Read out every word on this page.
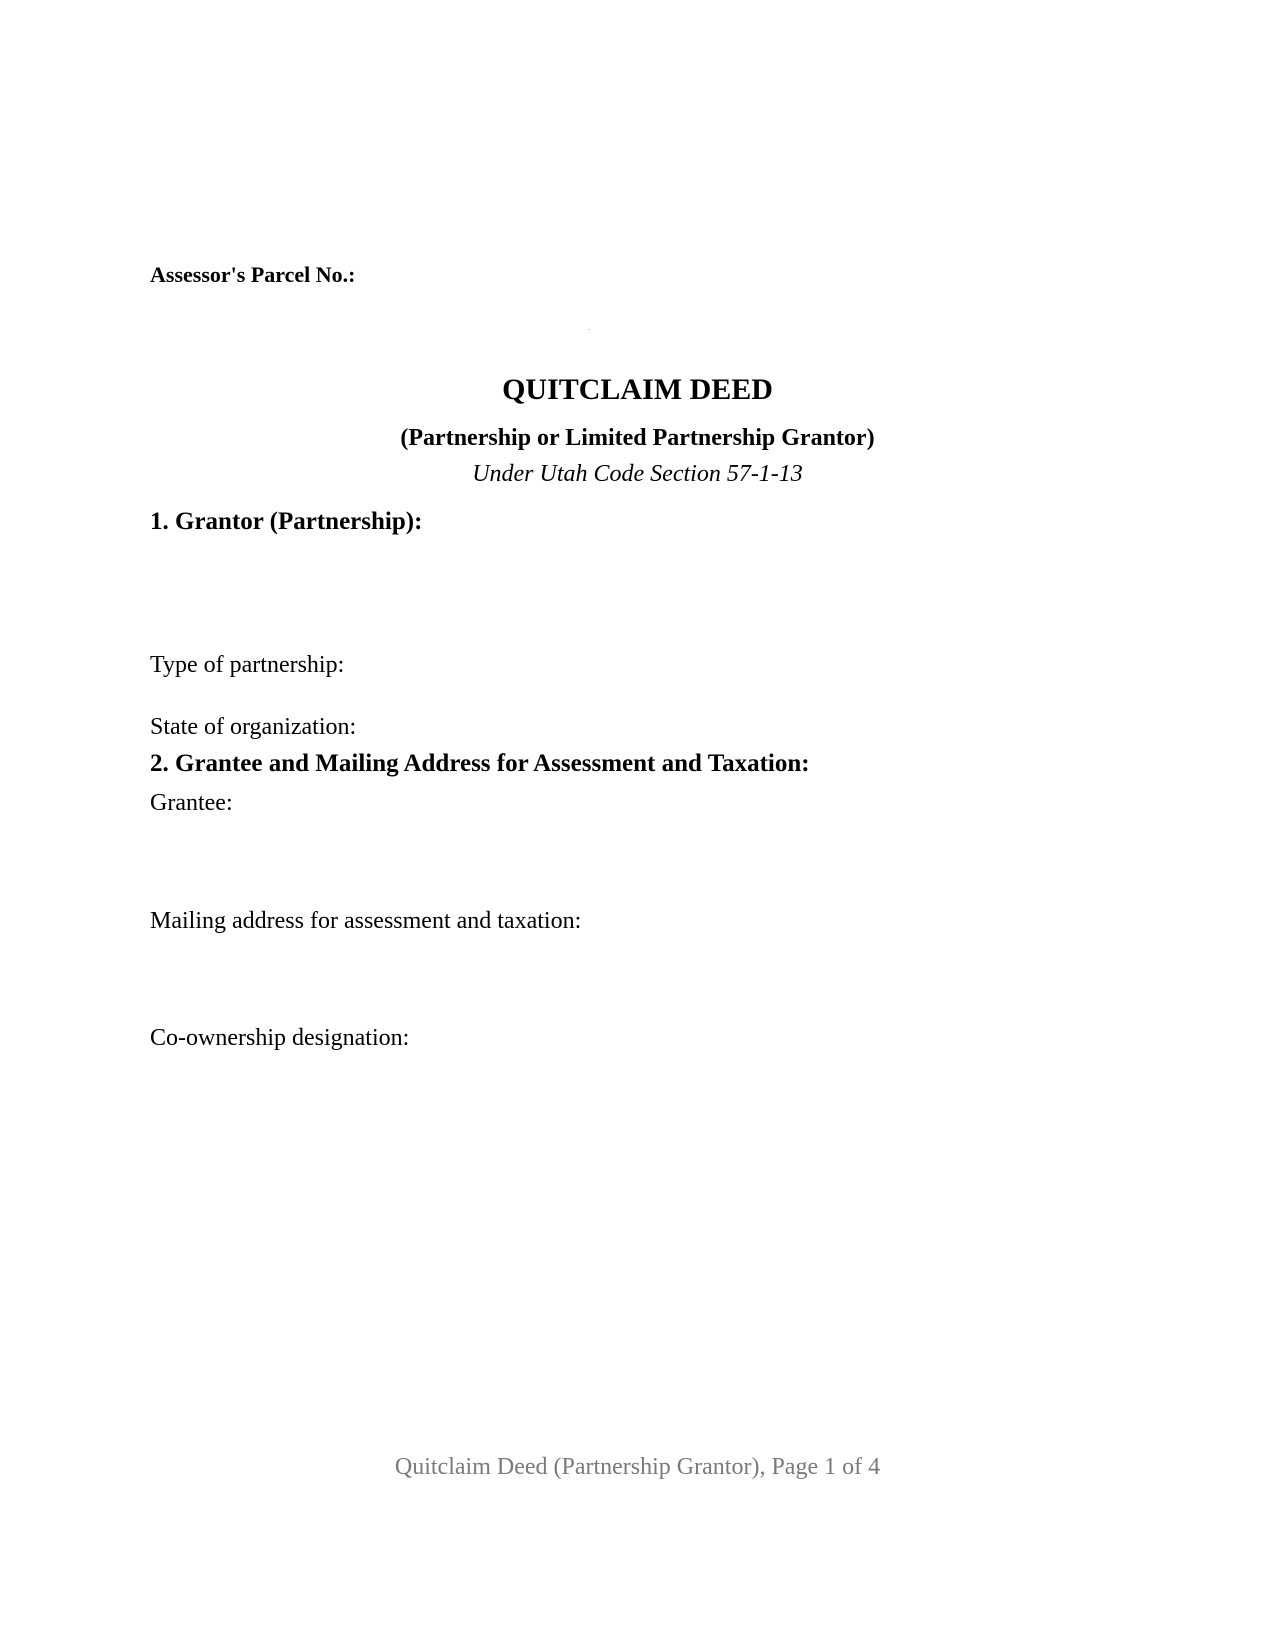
Assessor's Parcel No.:
QUITCLAIM DEED
(Partnership or Limited Partnership Grantor)
Under Utah Code Section 57-1-13
1. Grantor (Partnership):
Type of partnership:
State of organization:
2. Grantee and Mailing Address for Assessment and Taxation:
Grantee:
Mailing address for assessment and taxation:
Co-ownership designation:
Quitclaim Deed (Partnership Grantor), Page 1 of 4
